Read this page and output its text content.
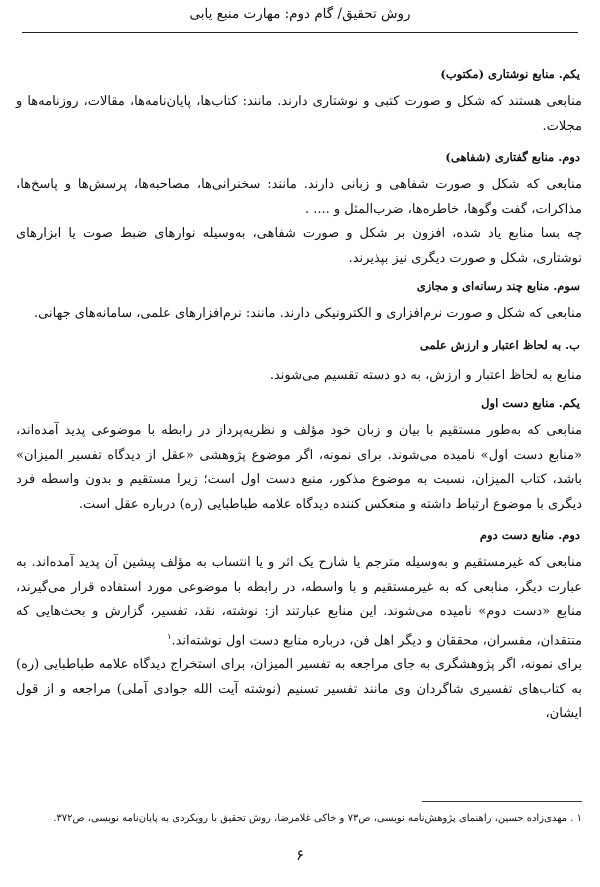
روش تحقیق/ گام دوم: مهارت منبع یابی
یکم. منابع نوشتاری (مکتوب)
منابعی هستند که شکل و صورت کتبی و نوشتاری دارند. مانند: کتاب‌ها، پایان‌نامه‌ها، مقالات، روزنامه‌ها و مجلات.
دوم. منابع گفتاری (شفاهی)
منابعی که شکل و صورت شفاهی و زبانی دارند. مانند: سخنرانی‌ها، مصاحبه‌ها، پرسش‌ها و پاسخ‌ها، مذاکرات، گفت وگوها، خاطره‌ها، ضرب‌المثل و .... .
چه بسا منابع یاد شده، افزون بر شکل و صورت شفاهی، به‌وسیله نوارهای ضبط صوت یا ابزارهای نوشتاری، شکل و صورت دیگری نیز بپذیرند.
سوم. منابع چند رسانه‌ای و مجازی
منابعی که شکل و صورت نرم‌افزاری و الکترونیکی دارند. مانند: نرم‌افزارهای علمی، سامانه‌های جهانی.
ب. به لحاظ اعتبار و ارزش علمی
منابع به لحاظ اعتبار و ارزش، به دو دسته تقسیم می‌شوند.
یکم. منابع دست اول
منابعی که به‌طور مستقیم با بیان و زبان خود مؤلف و نظریه‌پرداز در رابطه با موضوعی پدید آمده‌اند، «منابع دست اول» نامیده می‌شوند. برای نمونه، اگر موضوع پژوهشی «عقل از دیدگاه تفسیر المیزان» باشد، کتاب المیزان، نسبت به موضوع مذکور، منبع دست اول است؛ زیرا مستقیم و بدون واسطه فرد دیگری با موضوع ارتباط داشته و منعکس کننده دیدگاه علامه طباطبایی (ره) درباره عقل است.
دوم. منابع دست دوم
منابعی که غیرمستقیم و به‌وسیله مترجم یا شارح یک اثر و یا انتساب به مؤلف پیشین آن پدید آمده‌اند. به عبارت دیگر، منابعی که به غیرمستقیم و با واسطه، در رابطه با موضوعی مورد استفاده قرار می‌گیرند، منابع «دست دوم» نامیده می‌شوند. این منابع عبارتند از: نوشته، نقد، تفسیر، گزارش و بحث‌هایی که منتقدان، مفسران، محققان و دیگر اهل فن، درباره منابع دست اول نوشته‌اند.$^۱$
برای نمونه، اگر پژوهشگری به جای مراجعه به تفسیر المیزان، برای استخراج دیدگاه علامه طباطبایی (ره) به کتاب‌های تفسیری شاگردان وی مانند تفسیر تسنیم (نوشته آیت الله جوادی آملی) مراجعه و از قول ایشان،
۱ . مهدی‌زاده حسین، راهنمای پژوهش‌نامه نویسی، ص۷۳ و خاکی غلامرضا، روش تحقیق با رویکردی به پایان‌نامه نویسی، ص۳۷۲.
۶
